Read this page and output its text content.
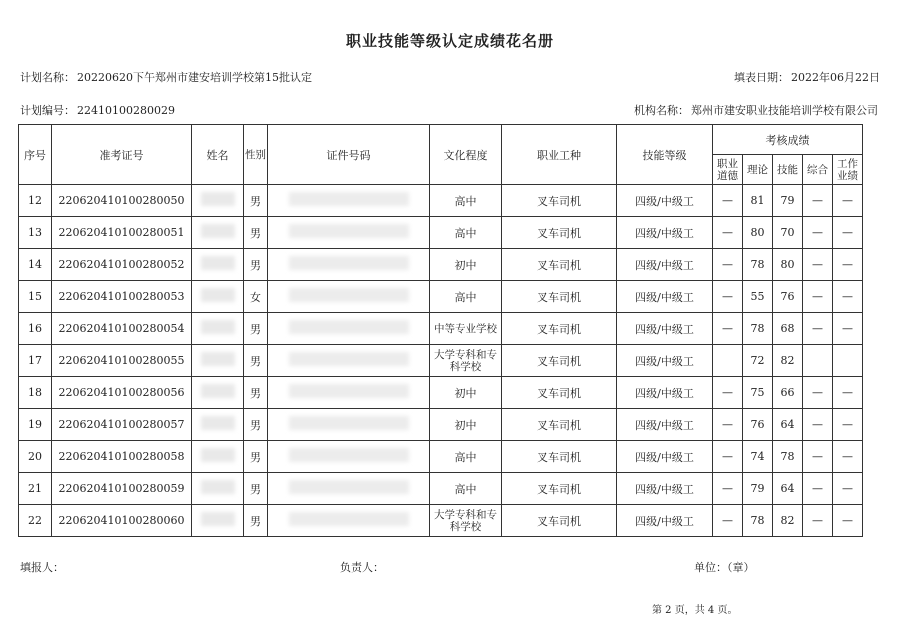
职业技能等级认定成绩花名册
计划名称： 20220620下午郑州市建安培训学校第15批认定	填表日期： 2022年06月22日
计划编号： 22410100280029	机构名称： 郑州市建安职业技能培训学校有限公司
序号	准考证号	姓名	性别	证件号码	文化程度	职业工种	技能等级	考核成绩				
								职业道德	理论	技能	综合	工作业绩
12	220620410100280050		男		高中	叉车司机	四级/中级工	—	81	79	—	—
13	220620410100280051		男		高中	叉车司机	四级/中级工	—	80	70	—	—
14	220620410100280052		男		初中	叉车司机	四级/中级工	—	78	80	—	—
15	220620410100280053		女		高中	叉车司机	四级/中级工	—	55	76	—	—
16	220620410100280054		男		中等专业学校	叉车司机	四级/中级工	—	78	68	—	—
17	220620410100280055		男		大学专科和专科学校	叉车司机	四级/中级工		72	82		
18	220620410100280056		男		初中	叉车司机	四级/中级工	—	75	66	—	—
19	220620410100280057		男		初中	叉车司机	四级/中级工	—	76	64	—	—
20	220620410100280058		男		高中	叉车司机	四级/中级工	—	74	78	—	—
21	220620410100280059		男		高中	叉车司机	四级/中级工	—	79	64	—	—
22	220620410100280060		男		大学专科和专科学校	叉车司机	四级/中级工	—	78	82	—	—
填报人：	负责人：	单位：（章）
第 2 页，共 4 页。
